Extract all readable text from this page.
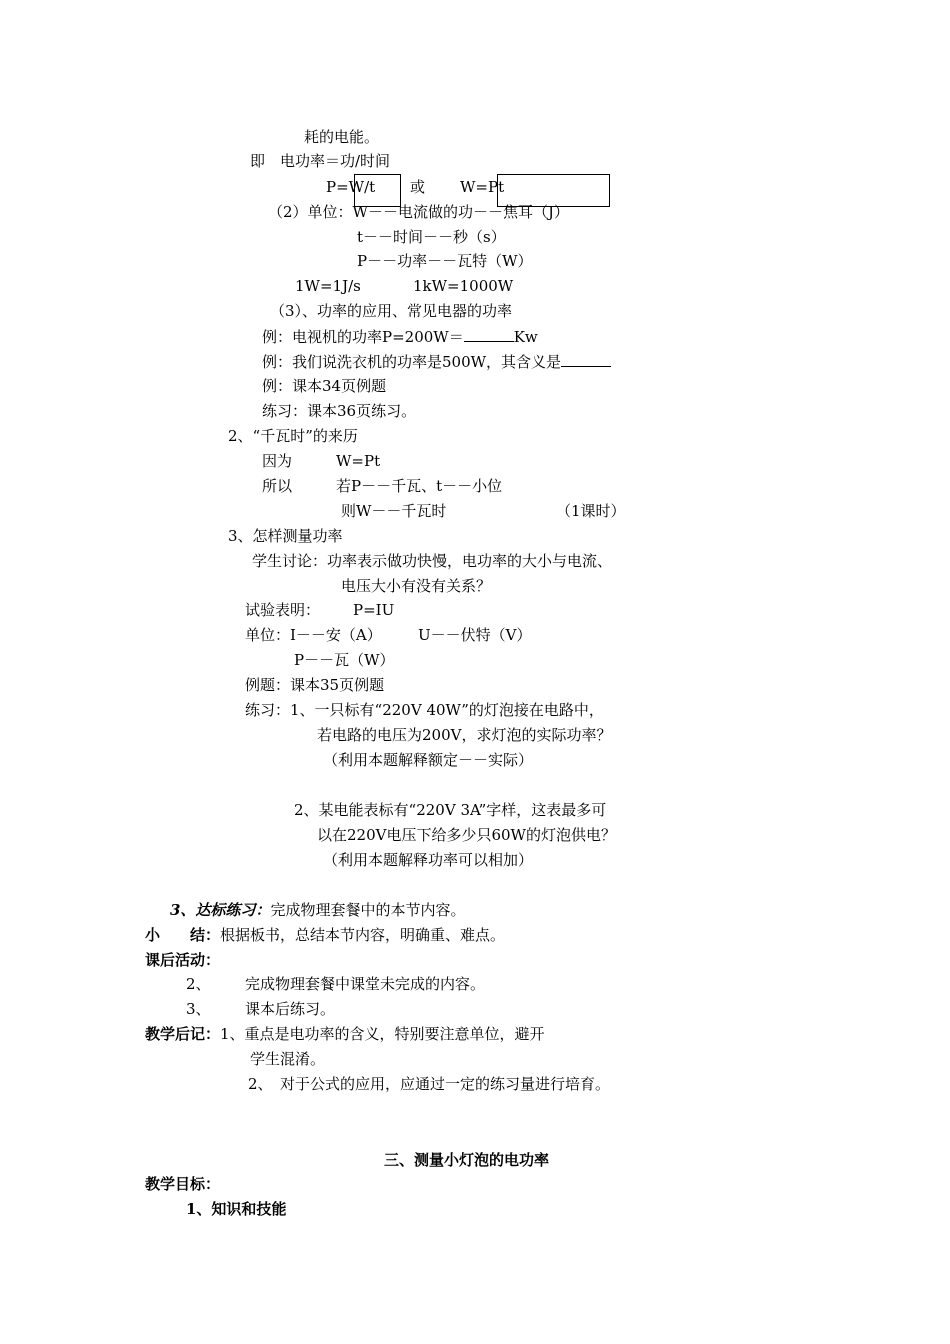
耗的电能。
即　电功率＝功/时间
P=W/t 或 W=Pt
（2）单位：W－－电流做的功－－焦耳（J）
t－－时间－－秒（s）
P－－功率－－瓦特（W）
1W=1J/s	1kW=1000W
（3）、功率的应用、常见电器的功率
例：电视机的功率P=200W＝	Kw
例：我们说洗衣机的功率是500W，其含义是
例：课本34页例题
练习：课本36页练习。
2、“千瓦时”的来历
因为	W=Pt
所以	若P－－千瓦、t－－小位
则W－－千瓦时	（1课时）
3、怎样测量功率
学生讨论：功率表示做功快慢，电功率的大小与电流、
电压大小有没有关系？
试验表明： P=IU
单位：I－－安（A） U－－伏特（V）
P－－瓦（W）
例题：课本35页例题
练习：1、一只标有“220V 40W”的灯泡接在电路中，
若电路的电压为200V，求灯泡的实际功率？
（利用本题解释额定－－实际）
2、某电能表标有“220V 3A”字样，这表最多可
以在220V电压下给多少只60W的灯泡供电？
（利用本题解释功率可以相加）
3、达标练习：完成物理套餐中的本节内容。
小　　结：根据板书，总结本节内容，明确重、难点。
课后活动：
2、 完成物理套餐中课堂未完成的内容。
3、 课本后练习。
教学后记：1、重点是电功率的含义，特别要注意单位，避开
学生混淆。
2、　对于公式的应用，应通过一定的练习量进行培育。
三、测量小灯泡的电功率
教学目标：
1、知识和技能
